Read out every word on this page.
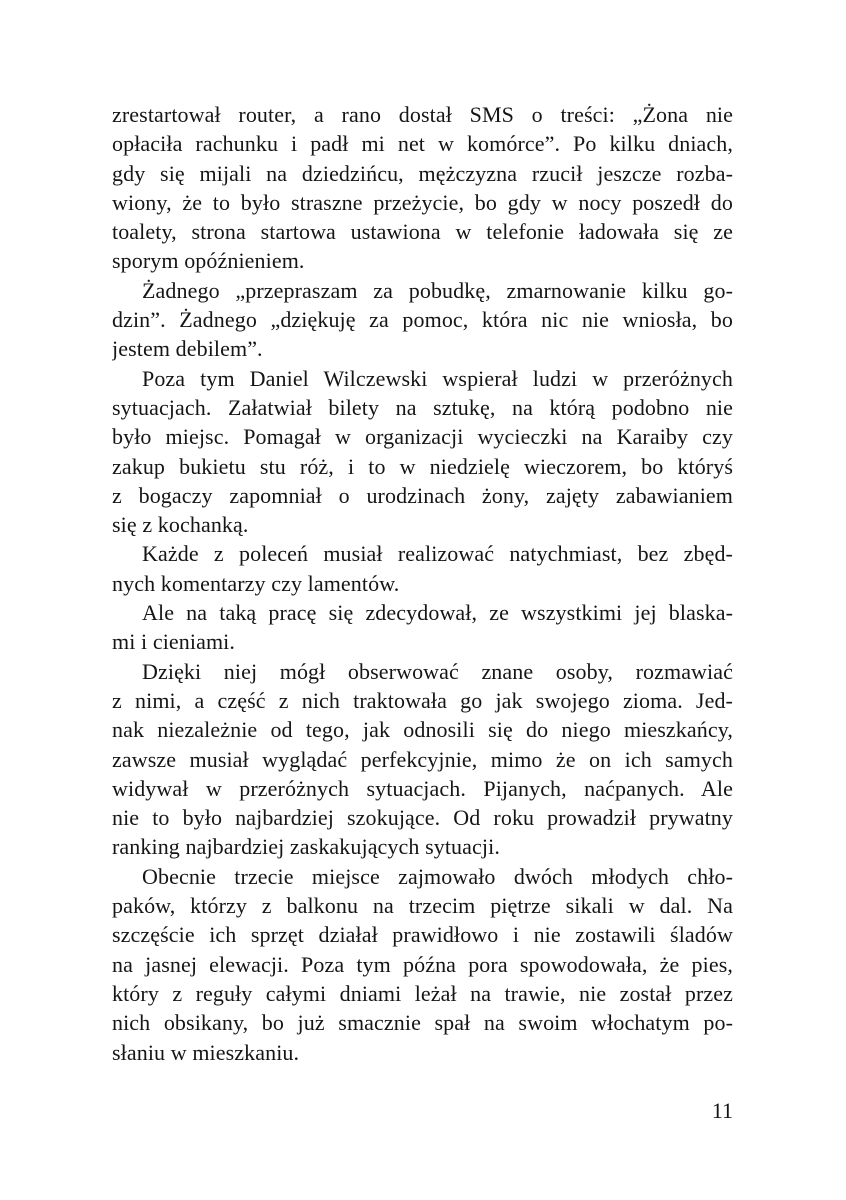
zrestartował router, a rano dostał SMS o treści: „Żona nie
opłaciła rachunku i padł mi net w komórce”. Po kilku dniach,
gdy się mijali na dziedzińcu, mężczyzna rzucił jeszcze rozba-
wiony, że to było straszne przeżycie, bo gdy w nocy poszedł do
toalety, strona startowa ustawiona w telefonie ładowała się ze
sporym opóźnieniem.
Żadnego „przepraszam za pobudkę, zmarnowanie kilku go-
dzin”. Żadnego „dziękuję za pomoc, która nic nie wniosła, bo
jestem debilem”.
Poza tym Daniel Wilczewski wspierał ludzi w przeróżnych
sytuacjach. Załatwiał bilety na sztukę, na którą podobno nie
było miejsc. Pomagał w organizacji wycieczki na Karaiby czy
zakup bukietu stu róż, i to w niedzielę wieczorem, bo któryś
z bogaczy zapomniał o urodzinach żony, zajęty zabawianiem
się z kochanką.
Każde z poleceń musiał realizować natychmiast, bez zbęd-
nych komentarzy czy lamentów.
Ale na taką pracę się zdecydował, ze wszystkimi jej blaska-
mi i cieniami.
Dzięki niej mógł obserwować znane osoby, rozmawiać
z nimi, a część z nich traktowała go jak swojego zioma. Jed-
nak niezależnie od tego, jak odnosili się do niego mieszkańcy,
zawsze musiał wyglądać perfekcyjnie, mimo że on ich samych
widywał w przeróżnych sytuacjach. Pijanych, naćpanych. Ale
nie to było najbardziej szokujące. Od roku prowadził prywatny
ranking najbardziej zaskakujących sytuacji.
Obecnie trzecie miejsce zajmowało dwóch młodych chło-
paków, którzy z balkonu na trzecim piętrze sikali w dal. Na
szczęście ich sprzęt działał prawidłowo i nie zostawili śladów
na jasnej elewacji. Poza tym późna pora spowodowała, że pies,
który z reguły całymi dniami leżał na trawie, nie został przez
nich obsikany, bo już smacznie spał na swoim włochatym po-
słaniu w mieszkaniu.
11
